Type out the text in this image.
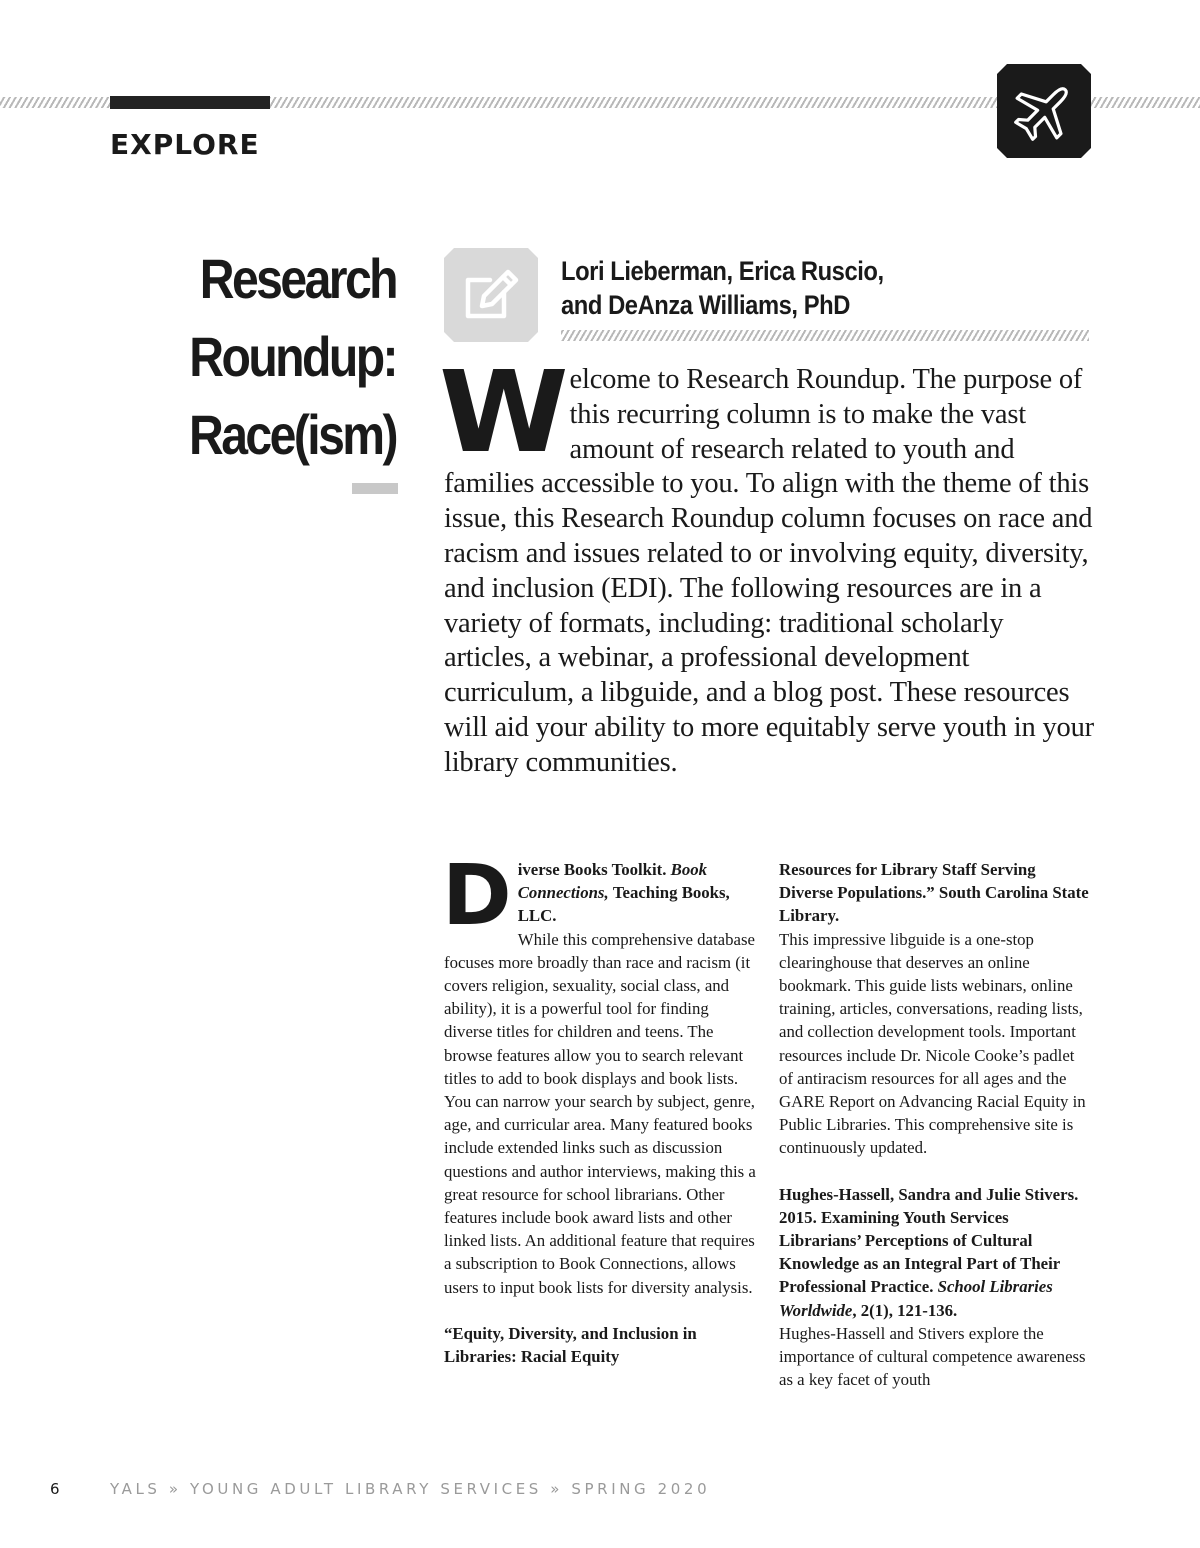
EXPLORE
Research
Roundup:
Race(ism)
Lori Lieberman, Erica Ruscio,
and DeAnza Williams, PhD

Welcome to Research Roundup. The purpose of this recurring column is to make the vast amount of research related to youth and families accessible to you. To align with the theme of this issue, this Research Roundup column focuses on race and racism and issues related to or involving equity, diversity, and inclusion (EDI). The following resources are in a variety of formats, including: traditional scholarly articles, a webinar, a professional development curriculum, a libguide, and a blog post. These resources will aid your ability to more equitably serve youth in your library communities.

Diverse Books Toolkit. Book Connections, Teaching Books, LLC.
While this comprehensive database focuses more broadly than race and racism (it covers religion, sexuality, social class, and ability), it is a powerful tool for finding diverse titles for children and teens. The browse features allow you to search relevant titles to add to book displays and book lists. You can narrow your search by subject, genre, age, and curricular area. Many featured books include extended links such as discussion questions and author interviews, making this a great resource for school librarians. Other features include book award lists and other linked lists. An additional feature that requires a subscription to Book Connections, allows users to input book lists for diversity analysis.

“Equity, Diversity, and Inclusion in Libraries: Racial Equity

Resources for Library Staff Serving Diverse Populations.” South Carolina State Library.

This impressive libguide is a one-stop clearinghouse that deserves an online bookmark. This guide lists webinars, online training, articles, conversations, reading lists, and collection development tools. Important resources include Dr. Nicole Cooke’s padlet of antiracism resources for all ages and the GARE Report on Advancing Racial Equity in Public Libraries. This comprehensive site is continuously updated.

Hughes-Hassell, Sandra and Julie Stivers. 2015. Examining Youth Services Librarians’ Perceptions of Cultural Knowledge as an Integral Part of Their Professional Practice. School Libraries Worldwide, 2(1), 121-136.
Hughes-Hassell and Stivers explore the importance of cultural competence awareness as a key facet of youth

6	YALS » YOUNG ADULT LIBRARY SERVICES » SPRING 2020
